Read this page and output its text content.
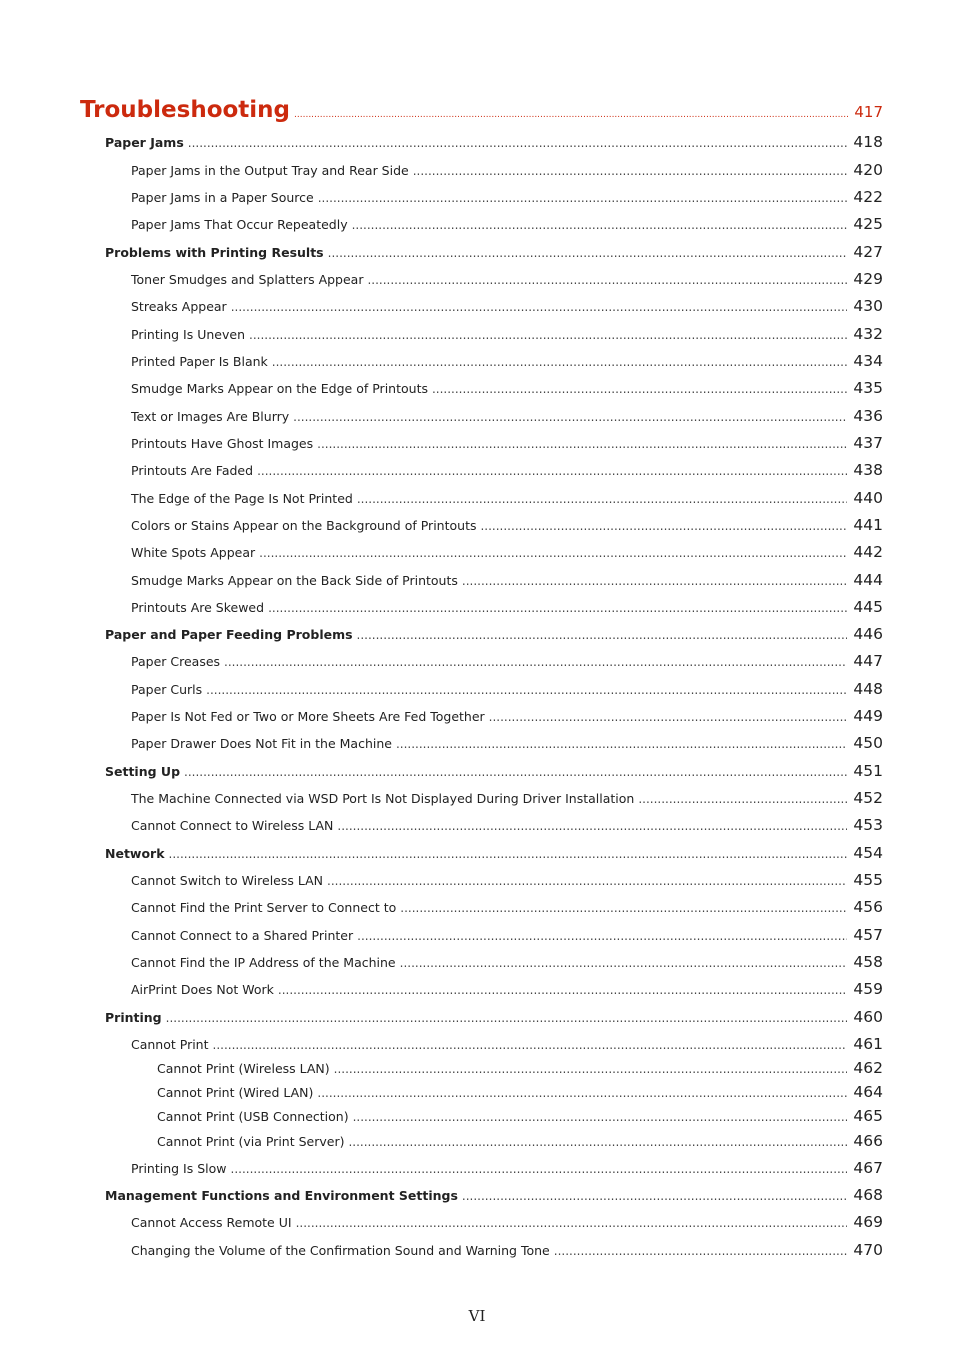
Troubleshooting .....	417
Paper Jams .....	418
Paper Jams in the Output Tray and Rear Side .....	420
Paper Jams in a Paper Source .....	422
Paper Jams That Occur Repeatedly .....	425
Problems with Printing Results .....	427
Toner Smudges and Splatters Appear .....	429
Streaks Appear .....	430
Printing Is Uneven .....	432
Printed Paper Is Blank .....	434
Smudge Marks Appear on the Edge of Printouts .....	435
Text or Images Are Blurry .....	436
Printouts Have Ghost Images .....	437
Printouts Are Faded .....	438
The Edge of the Page Is Not Printed .....	440
Colors or Stains Appear on the Background of Printouts .....	441
White Spots Appear .....	442
Smudge Marks Appear on the Back Side of Printouts .....	444
Printouts Are Skewed .....	445
Paper and Paper Feeding Problems .....	446
Paper Creases .....	447
Paper Curls .....	448
Paper Is Not Fed or Two or More Sheets Are Fed Together .....	449
Paper Drawer Does Not Fit in the Machine .....	450
Setting Up .....	451
The Machine Connected via WSD Port Is Not Displayed During Driver Installation .....	452
Cannot Connect to Wireless LAN .....	453
Network .....	454
Cannot Switch to Wireless LAN .....	455
Cannot Find the Print Server to Connect to .....	456
Cannot Connect to a Shared Printer .....	457
Cannot Find the IP Address of the Machine .....	458
AirPrint Does Not Work .....	459
Printing .....	460
Cannot Print .....	461
Cannot Print (Wireless LAN) .....	462
Cannot Print (Wired LAN) .....	464
Cannot Print (USB Connection) .....	465
Cannot Print (via Print Server) .....	466
Printing Is Slow .....	467
Management Functions and Environment Settings .....	468
Cannot Access Remote UI .....	469
Changing the Volume of the Confirmation Sound and Warning Tone .....	470
VI
